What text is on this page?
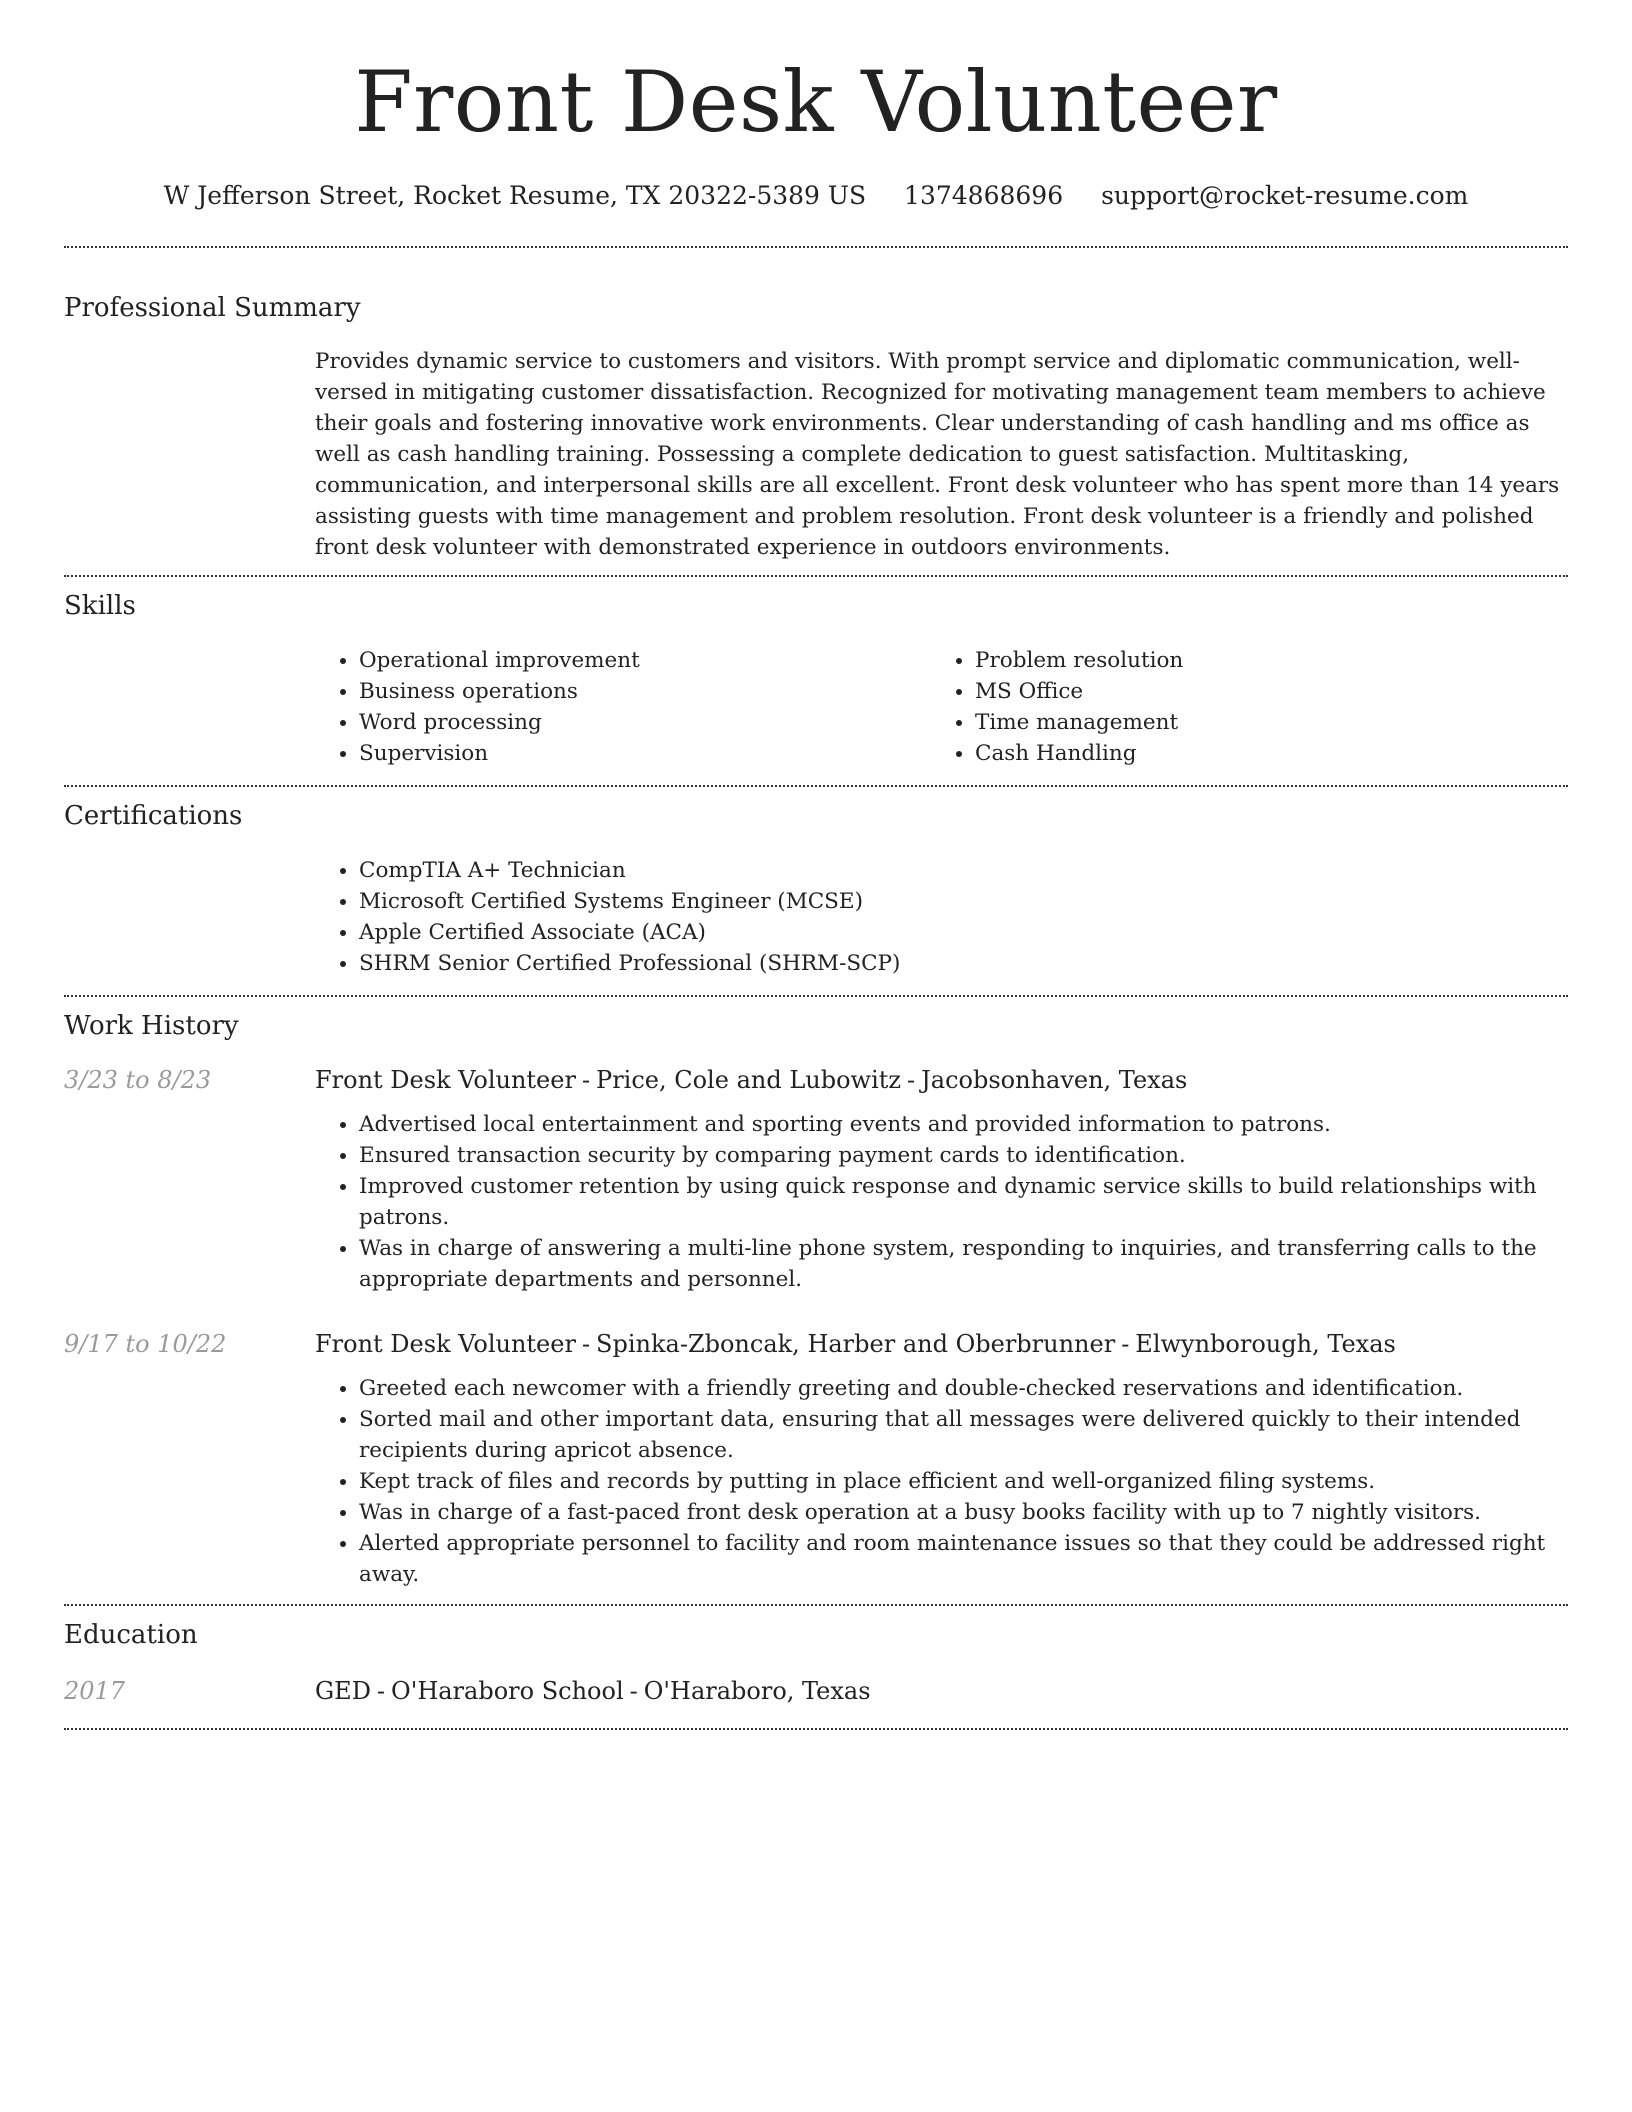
Front Desk Volunteer
W Jefferson Street, Rocket Resume, TX 20322-5389 US 1374868696 support@rocket-resume.com
Professional Summary
Provides dynamic service to customers and visitors. With prompt service and diplomatic communication, well-versed in mitigating customer dissatisfaction. Recognized for motivating management team members to achieve their goals and fostering innovative work environments. Clear understanding of cash handling and ms office as well as cash handling training. Possessing a complete dedication to guest satisfaction. Multitasking, communication, and interpersonal skills are all excellent. Front desk volunteer who has spent more than 14 years assisting guests with time management and problem resolution. Front desk volunteer is a friendly and polished front desk volunteer with demonstrated experience in outdoors environments.
Skills
• Operational improvement
• Business operations
• Word processing
• Supervision
• Problem resolution
• MS Office
• Time management
• Cash Handling
Certifications
• CompTIA A+ Technician
• Microsoft Certified Systems Engineer (MCSE)
• Apple Certified Associate (ACA)
• SHRM Senior Certified Professional (SHRM-SCP)
Work History
3/23 to 8/23	Front Desk Volunteer - Price, Cole and Lubowitz - Jacobsonhaven, Texas
• Advertised local entertainment and sporting events and provided information to patrons.
• Ensured transaction security by comparing payment cards to identification.
• Improved customer retention by using quick response and dynamic service skills to build relationships with patrons.
• Was in charge of answering a multi-line phone system, responding to inquiries, and transferring calls to the appropriate departments and personnel.
9/17 to 10/22	Front Desk Volunteer - Spinka-Zboncak, Harber and Oberbrunner - Elwynborough, Texas
• Greeted each newcomer with a friendly greeting and double-checked reservations and identification.
• Sorted mail and other important data, ensuring that all messages were delivered quickly to their intended recipients during apricot absence.
• Kept track of files and records by putting in place efficient and well-organized filing systems.
• Was in charge of a fast-paced front desk operation at a busy books facility with up to 7 nightly visitors.
• Alerted appropriate personnel to facility and room maintenance issues so that they could be addressed right away.
Education
2017	GED - O'Haraboro School - O'Haraboro, Texas
